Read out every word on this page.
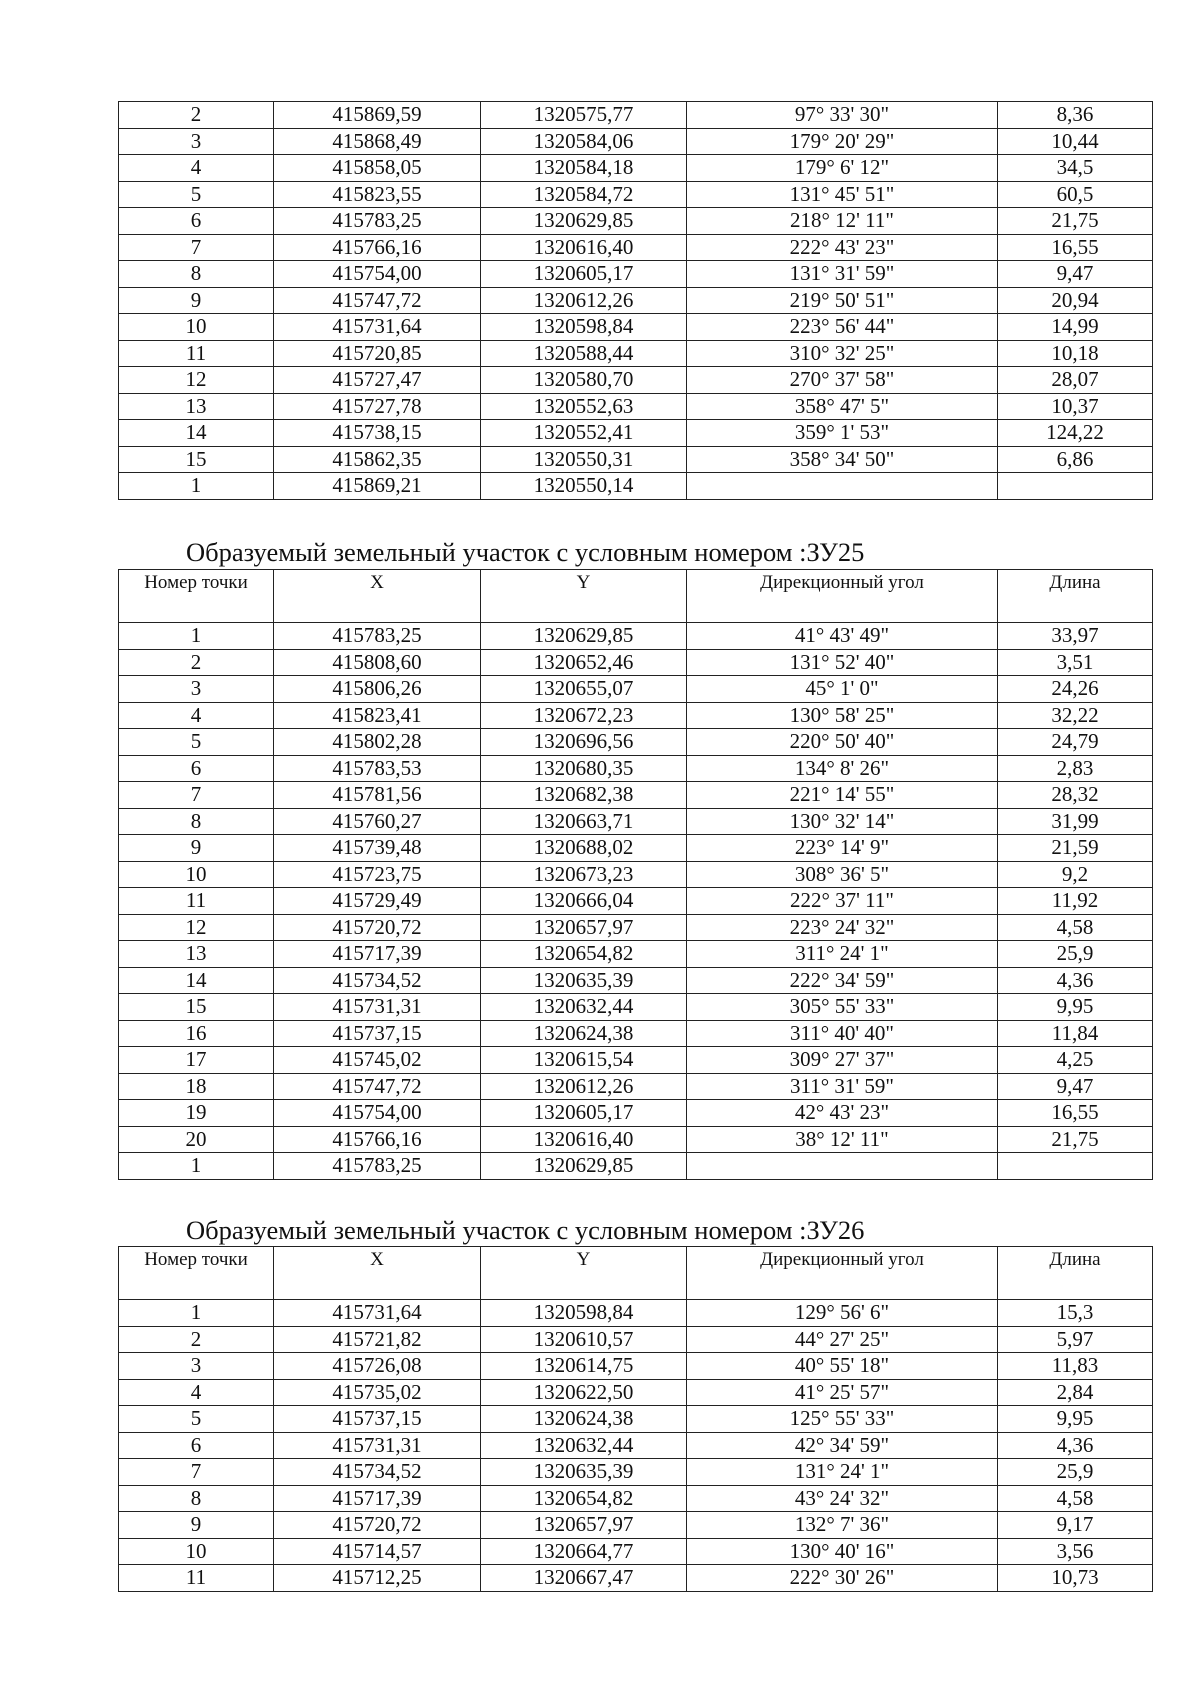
2	415869,59	1320575,77	97° 33' 30"	8,36
3	415868,49	1320584,06	179° 20' 29"	10,44
4	415858,05	1320584,18	179° 6' 12"	34,5
5	415823,55	1320584,72	131° 45' 51"	60,5
6	415783,25	1320629,85	218° 12' 11"	21,75
7	415766,16	1320616,40	222° 43' 23"	16,55
8	415754,00	1320605,17	131° 31' 59"	9,47
9	415747,72	1320612,26	219° 50' 51"	20,94
10	415731,64	1320598,84	223° 56' 44"	14,99
11	415720,85	1320588,44	310° 32' 25"	10,18
12	415727,47	1320580,70	270° 37' 58"	28,07
13	415727,78	1320552,63	358° 47' 5"	10,37
14	415738,15	1320552,41	359° 1' 53"	124,22
15	415862,35	1320550,31	358° 34' 50"	6,86
1	415869,21	1320550,14		
Образуемый земельный участок с условным номером :ЗУ25
Номер точки	X	Y	Дирекционный угол	Длина
1	415783,25	1320629,85	41° 43' 49"	33,97
2	415808,60	1320652,46	131° 52' 40"	3,51
3	415806,26	1320655,07	45° 1' 0"	24,26
4	415823,41	1320672,23	130° 58' 25"	32,22
5	415802,28	1320696,56	220° 50' 40"	24,79
6	415783,53	1320680,35	134° 8' 26"	2,83
7	415781,56	1320682,38	221° 14' 55"	28,32
8	415760,27	1320663,71	130° 32' 14"	31,99
9	415739,48	1320688,02	223° 14' 9"	21,59
10	415723,75	1320673,23	308° 36' 5"	9,2
11	415729,49	1320666,04	222° 37' 11"	11,92
12	415720,72	1320657,97	223° 24' 32"	4,58
13	415717,39	1320654,82	311° 24' 1"	25,9
14	415734,52	1320635,39	222° 34' 59"	4,36
15	415731,31	1320632,44	305° 55' 33"	9,95
16	415737,15	1320624,38	311° 40' 40"	11,84
17	415745,02	1320615,54	309° 27' 37"	4,25
18	415747,72	1320612,26	311° 31' 59"	9,47
19	415754,00	1320605,17	42° 43' 23"	16,55
20	415766,16	1320616,40	38° 12' 11"	21,75
1	415783,25	1320629,85		
Образуемый земельный участок с условным номером :ЗУ26
Номер точки	X	Y	Дирекционный угол	Длина
1	415731,64	1320598,84	129° 56' 6"	15,3
2	415721,82	1320610,57	44° 27' 25"	5,97
3	415726,08	1320614,75	40° 55' 18"	11,83
4	415735,02	1320622,50	41° 25' 57"	2,84
5	415737,15	1320624,38	125° 55' 33"	9,95
6	415731,31	1320632,44	42° 34' 59"	4,36
7	415734,52	1320635,39	131° 24' 1"	25,9
8	415717,39	1320654,82	43° 24' 32"	4,58
9	415720,72	1320657,97	132° 7' 36"	9,17
10	415714,57	1320664,77	130° 40' 16"	3,56
11	415712,25	1320667,47	222° 30' 26"	10,73
